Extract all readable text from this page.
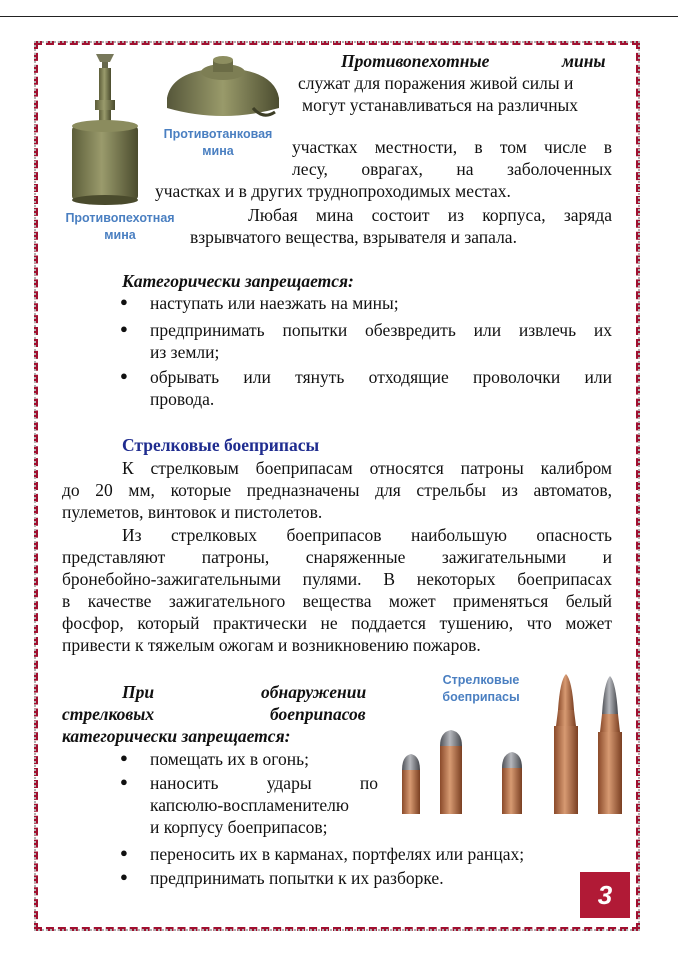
Противотанковая
мина
Противопехотная
мина
Стрелковые
боеприпасы
Противопехотные	мины
служат для поражения живой силы и
могут устанавливаться на различных
участках местности, в том числе в
лесу, оврагах, на заболоченных
участках и в других труднопроходимых местах.
Любая мина состоит из корпуса, заряда
взрывчатого вещества, взрывателя и запала.
Категорически запрещается:
● наступать или наезжать на мины;
● предпринимать попытки обезвредить или извлечь их
из земли;
● обрывать или тянуть отходящие проволочки или
провода.
Стрелковые боеприпасы
К стрелковым боеприпасам относятся патроны калибром
до 20 мм, которые предназначены для стрельбы из автоматов,
пулеметов, винтовок и пистолетов.
Из стрелковых боеприпасов наибольшую опасность
представляют патроны, снаряженные зажигательными и
бронебойно-зажигательными пулями. В некоторых боеприпасах
в качестве зажигательного вещества может применяться белый
фосфор, который практически не поддается тушению, что может
привести к тяжелым ожогам и возникновению пожаров.
При	обнаружении
стрелковых	боеприпасов
категорически запрещается:
● помещать их в огонь;
● наносить удары по
капсюлю-воспламенителю
и корпусу боеприпасов;
● переносить их в карманах, портфелях или ранцах;
● предпринимать попытки к их разборке.
3
